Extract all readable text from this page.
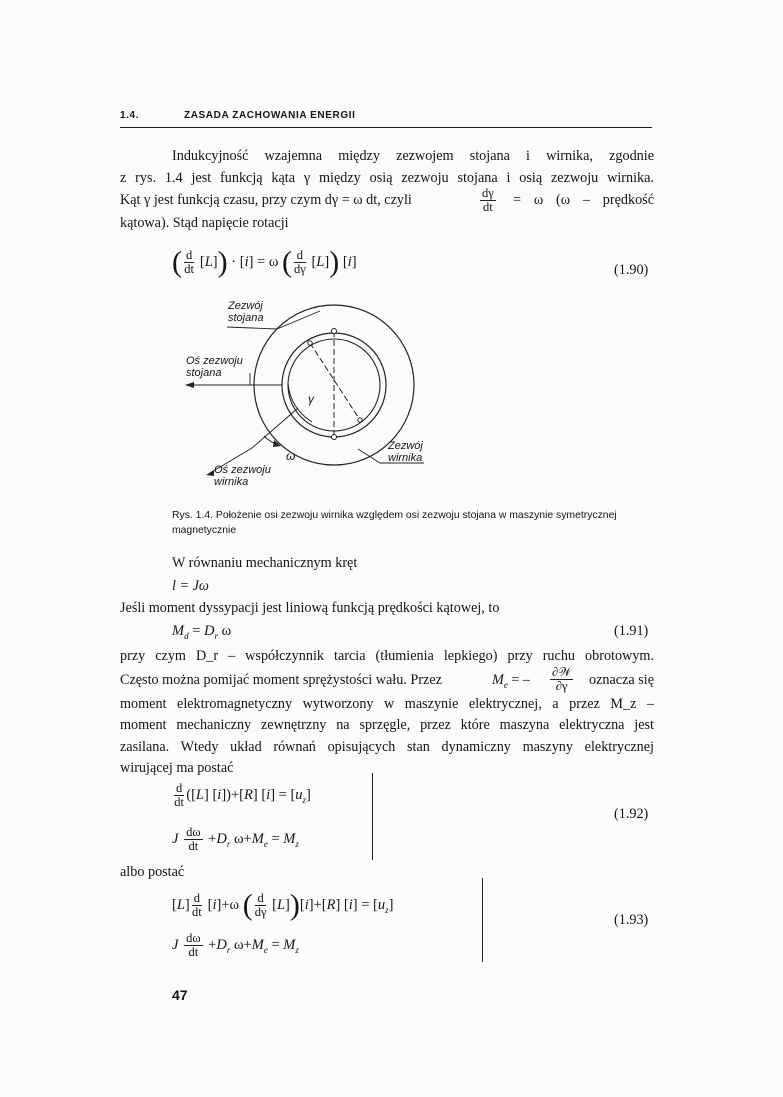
1.4.	ZASADA ZACHOWANIA ENERGII
Indukcyjność wzajemna między zezwojem stojana i wirnika, zgodnie
z rys. 1.4 jest funkcją kąta γ między osią zezwoju stojana i osią zezwoju wirnika.
Kąt γ jest funkcją czasu, przy czym dγ = ω dt, czyli	$\frac{d\gamma}{dt} = \omega$ (ω – prędkość
kątowa). Stąd napięcie rotacji
( $\frac{d}{dt} [L]) \cdot [i] = \omega$ ( $\frac{d}{d\gamma} [L]$) [i]
(1.90)
Zezwój stojana
Oś zezwoju stojana
Zezwój wirnika
Oś zezwoju wirnika
γ
ω
Rys. 1.4. Położenie osi zezwoju wirnika względem osi zezwoju stojana w maszynie symetrycznej magnetycznie
W równaniu mechanicznym kręt
l = Jω
Jeśli moment dyssypacji jest liniową funkcją prędkości kątowej, to
$M_d = D_r$ ω	(1.91)
przy czym D_r – współczynnik tarcia (tłumienia lepkiego) przy ruchu obrotowym.
Często można pomijać moment sprężystości wału. Przez	$M_e$ = – ∂𝒲
∂γ	oznacza się
moment elektromagnetyczny wytworzony w maszynie elektrycznej, a przez M_z –
moment mechaniczny zewnętrzny na sprzęgle, przez które maszyna elektryczna jest
zasilana. Wtedy układ równań opisujących stan dynamiczny maszyny elektrycznej
wirującej ma postać
$\frac{d}{dt} ([L]$ [i])+[R] $[i] = [u_z]$
J $\frac{d\omega}{dt} +D_r$ $\omega+M_e = M_z$
(1.92)
albo postać
$[L] \frac{d}{dt} [i]+\omega$ ( $\frac{d}{d\gamma} [L])[i]+[R] [i] = [u_z]$
J $\frac{d\omega}{dt} +D_r$ $\omega+M_e = M_z$
(1.93)
47
